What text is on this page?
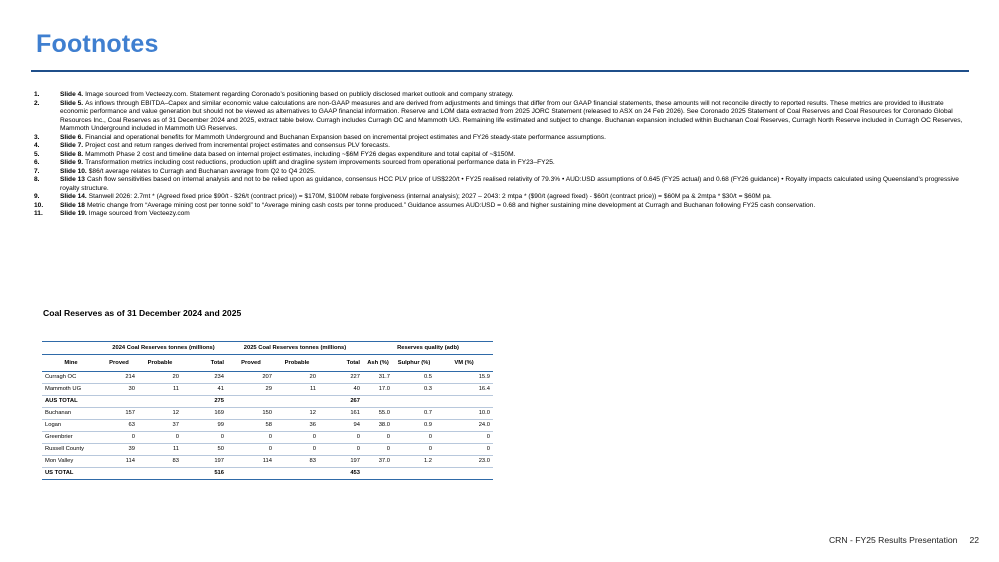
Footnotes
1.	Slide 4. Image sourced from Vecteezy.com. Statement regarding Coronado’s positioning based on publicly disclosed market outlook and company strategy.
2.	Slide 5. As inflows through EBITDA–Capex and similar economic value calculations are non-GAAP measures and are derived from adjustments and timings that differ from our GAAP financial statements, these amounts will not reconcile directly to reported results. These metrics are provided to illustrate economic performance and value generation but should not be viewed as alternatives to GAAP financial information. Reserve and LOM data extracted from 2025 JORC Statement (released to ASX on 24 Feb 2026). See Coronado 2025 Statement of Coal Reserves and Coal Resources for Coronado Global Resources Inc., Coal Reserves as of 31 December 2024 and 2025, extract table below. Curragh includes Curragh OC and Mammoth UG. Remaining life estimated and subject to change. Buchanan expansion included within Buchanan Coal Reserves, Curragh North Reserve included in Curragh OC Reserves, Mammoth Underground included in Mammoth UG Reserves.
3.	Slide 6. Financial and operational benefits for Mammoth Underground and Buchanan Expansion based on incremental project estimates and FY26 steady-state performance assumptions.
4.	Slide 7. Project cost and return ranges derived from incremental project estimates and consensus PLV forecasts.
5.	Slide 8. Mammoth Phase 2 cost and timeline data based on internal project estimates, including ~$6M FY26 degas expenditure and total capital of ~$150M.
6.	Slide 9. Transformation metrics including cost reductions, production uplift and dragline system improvements sourced from operational performance data in FY23–FY25.
7.	Slide 10. $86/t average relates to Curragh and Buchanan average from Q2 to Q4 2025.
8.	Slide 13 Cash flow sensitivities based on internal analysis and not to be relied upon as guidance, consensus HCC PLV price of US$220/t • FY25 realised relativity of 79.3% • AUD:USD assumptions of 0.645 (FY25 actual) and 0.68 (FY26 guidance) • Royalty impacts calculated using Queensland’s progressive royalty structure.
9.	Slide 14. Stanwell 2026: 2.7mt * (Agreed fixed price $90/t - $26/t (contract price)) = $170M, $100M rebate forgiveness (internal analysis); 2027 – 2043: 2 mtpa * ($90/t (agreed fixed) - $60/t (contract price)) = $60M pa & 2mtpa * $30/t = $60M pa.
10.	Slide 18 Metric change from “Average mining cost per tonne sold” to “Average mining cash costs per tonne produced.” Guidance assumes AUD:USD = 0.68 and higher sustaining mine development at Curragh and Buchanan following FY25 cash conservation.
11.	Slide 19. Image sourced from Vecteezy.com
Coal Reserves as of 31 December 2024 and 2025
	2024 Coal Reserves tonnes (millions)			2025 Coal Reserves tonnes (millions)			Reserves quality (adb)		
Mine	Proved	Probable	Total	Proved	Probable	Total	Ash (%)	Sulphur (%)	VM (%)
Curragh OC	214	20	234	207	20	227	31.7	0.5	15.9
Mammoth UG	30	11	41	29	11	40	17.0	0.3	16.4
AUS TOTAL			275			267			
Buchanan	157	12	169	150	12	161	55.0	0.7	10.0
Logan	63	37	99	58	36	94	38.0	0.9	24.0
Greenbrier	0	0	0	0	0	0	0	0	0
Russell County	39	11	50	0	0	0	0	0	0
Mon Valley	114	83	197	114	83	197	37.0	1.2	23.0
US TOTAL			516			453			
CRN - FY25 Results Presentation 22
